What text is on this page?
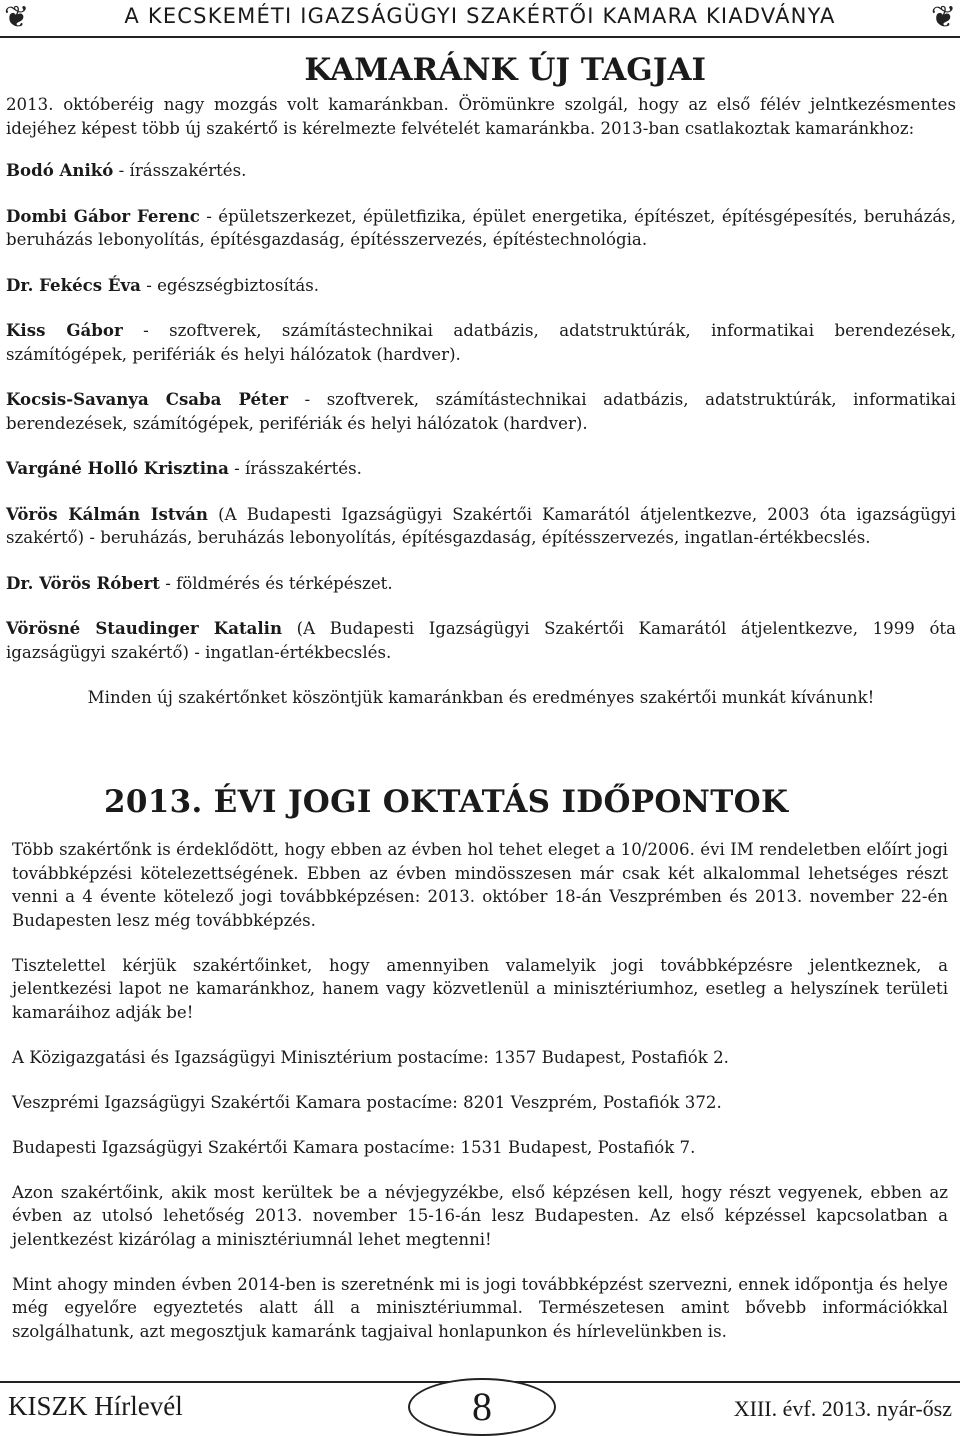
❦	A KECSKEMÉTI IGAZSÁGÜGYI SZAKÉRTŐI KAMARA KIADVÁNYA	❦
KAMARÁNK ÚJ TAGJAI

2013. októberéig nagy mozgás volt kamaránkban. Örömünkre szolgál, hogy az első félév jelntkezésmentes idejéhez képest több új szakértő is kérelmezte felvételét kamaránkba. 2013-ban csatlakoztak kamaránkhoz:

Bodó Anikó - írásszakértés.

Dombi Gábor Ferenc - épületszerkezet, épületfizika, épület energetika, építészet, építésgépesítés, beruházás, beruházás lebonyolítás, építésgazdaság, építésszervezés, építéstechnológia.

Dr. Fekécs Éva - egészségbiztosítás.

Kiss Gábor - szoftverek, számítástechnikai adatbázis, adatstruktúrák, informatikai berendezések, számítógépek, perifériák és helyi hálózatok (hardver).

Kocsis-Savanya Csaba Péter - szoftverek, számítástechnikai adatbázis, adatstruktúrák, informatikai berendezések, számítógépek, perifériák és helyi hálózatok (hardver).

Vargáné Holló Krisztina - írásszakértés.

Vörös Kálmán István (A Budapesti Igazságügyi Szakértői Kamarától átjelentkezve, 2003 óta igazságügyi szakértő) - beruházás, beruházás lebonyolítás, építésgazdaság, építésszervezés, ingatlan-értékbecslés.

Dr. Vörös Róbert - földmérés és térképészet.

Vörösné Staudinger Katalin (A Budapesti Igazságügyi Szakértői Kamarától átjelentkezve, 1999 óta igazságügyi szakértő) - ingatlan-értékbecslés.

Minden új szakértőnket köszöntjük kamaránkban és eredményes szakértői munkát kívánunk!

2013. ÉVI JOGI OKTATÁS IDŐPONTOK

Több szakértőnk is érdeklődött, hogy ebben az évben hol tehet eleget a 10/2006. évi IM rendeletben előírt jogi továbbképzési kötelezettségének. Ebben az évben mindösszesen már csak két alkalommal lehetséges részt venni a 4 évente kötelező jogi továbbképzésen: 2013. október 18-án Veszprémben és 2013. november 22-én Budapesten lesz még továbbképzés.

Tisztelettel kérjük szakértőinket, hogy amennyiben valamelyik jogi továbbképzésre jelentkeznek, a jelentkezési lapot ne kamaránkhoz, hanem vagy közvetlenül a minisztériumhoz, esetleg a helyszínek területi kamaráihoz adják be!

A Közigazgatási és Igazságügyi Minisztérium postacíme: 1357 Budapest, Postafiók 2.

Veszprémi Igazságügyi Szakértői Kamara postacíme: 8201 Veszprém, Postafiók 372.

Budapesti Igazságügyi Szakértői Kamara postacíme: 1531 Budapest, Postafiók 7.

Azon szakértőink, akik most kerültek be a névjegyzékbe, első képzésen kell, hogy részt vegyenek, ebben az évben az utolsó lehetőség 2013. november 15-16-án lesz Budapesten. Az első képzéssel kapcsolatban a jelentkezést kizárólag a minisztériumnál lehet megtenni!

Mint ahogy minden évben 2014-ben is szeretnénk mi is jogi továbbképzést szervezni, ennek időpontja és helye még egyelőre egyeztetés alatt áll a minisztériummal. Természetesen amint bővebb információkkal szolgálhatunk, azt megosztjuk kamaránk tagjaival honlapunkon és hírlevelünkben is.

KISZK Hírlevél	8	XIII. évf. 2013. nyár-ősz
